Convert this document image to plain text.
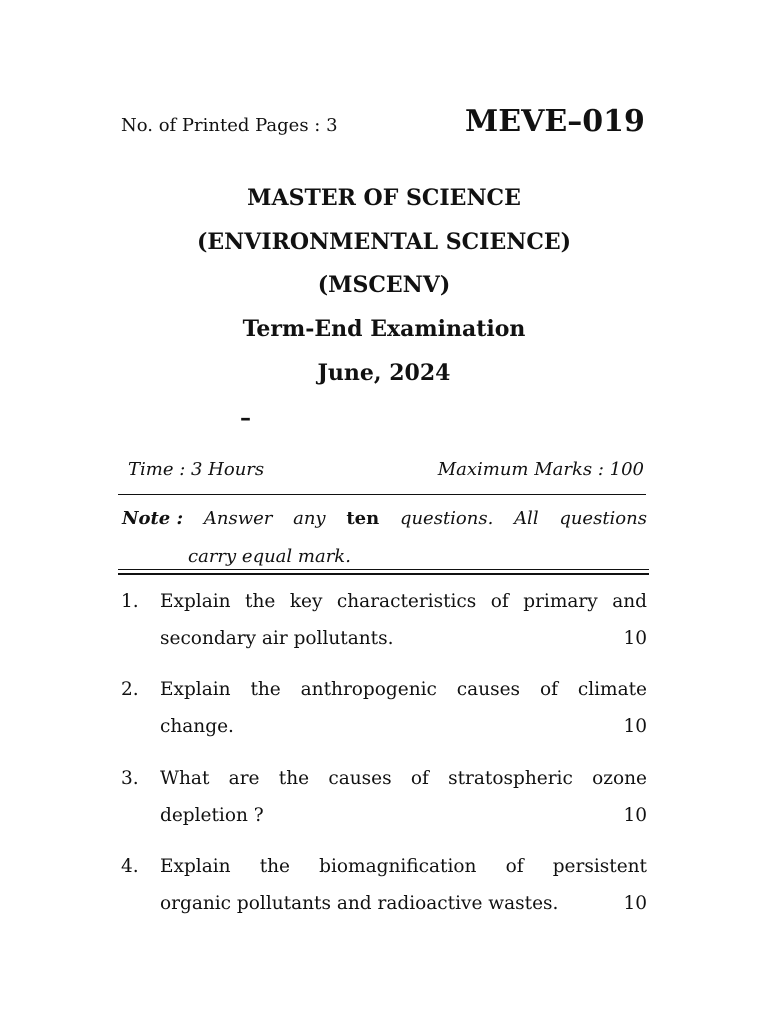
No. of Printed Pages : 3	MEVE–019
MASTER OF SCIENCE
(ENVIRONMENTAL SCIENCE)
(MSCENV)
Term-End Examination
June, 2024
–
Time : 3 Hours	Maximum Marks : 100
Note : Answer any ten questions. All questions
carry equal mark.
1. Explain the key characteristics of primary and
secondary air pollutants.	10
2. Explain the anthropogenic causes of climate
change.	10
3. What are the causes of stratospheric ozone
depletion ?	10
4. Explain the biomagnification of persistent
organic pollutants and radioactive wastes.	10
